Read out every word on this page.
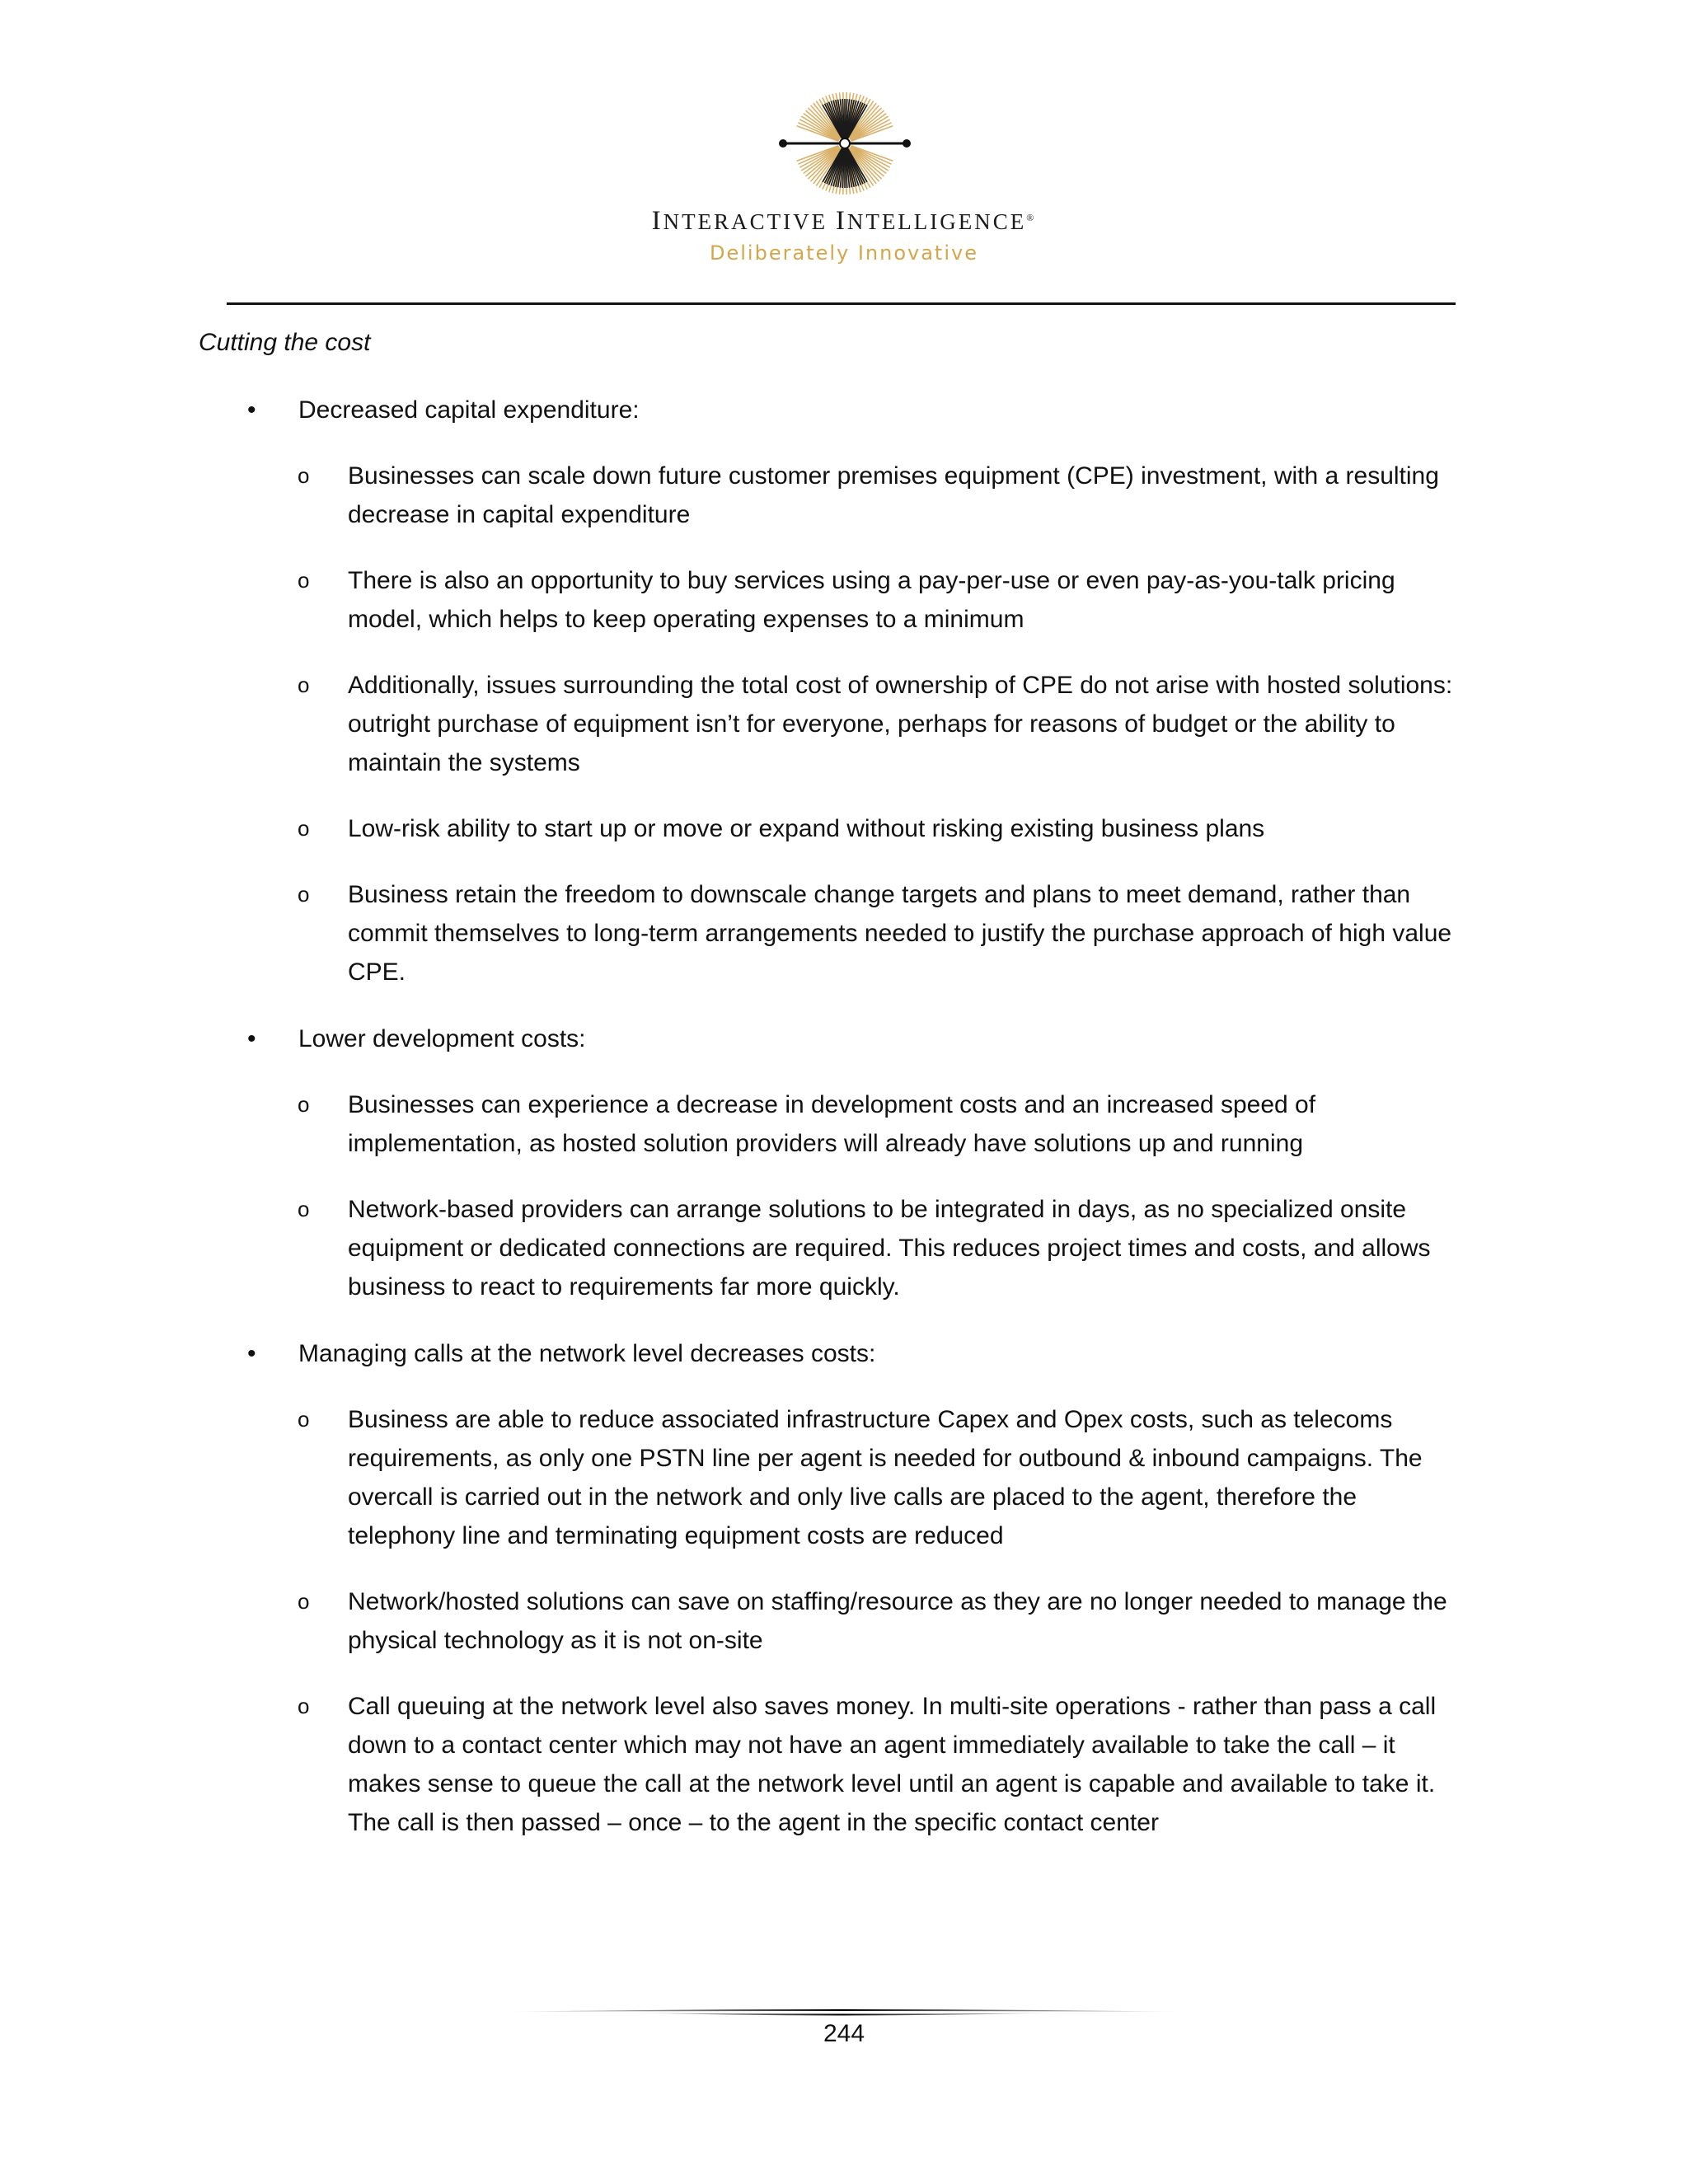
INTERACTIVE INTELLIGENCE®
Deliberately Innovative
Cutting the cost
• Decreased capital expenditure:
o Businesses can scale down future customer premises equipment (CPE) investment, with a resulting
decrease in capital expenditure
o There is also an opportunity to buy services using a pay-per-use or even pay-as-you-talk pricing
model, which helps to keep operating expenses to a minimum
o Additionally, issues surrounding the total cost of ownership of CPE do not arise with hosted solutions:
outright purchase of equipment isn’t for everyone, perhaps for reasons of budget or the ability to
maintain the systems
o Low-risk ability to start up or move or expand without risking existing business plans
o Business retain the freedom to downscale change targets and plans to meet demand, rather than
commit themselves to long-term arrangements needed to justify the purchase approach of high value
CPE.
• Lower development costs:
o Businesses can experience a decrease in development costs and an increased speed of
implementation, as hosted solution providers will already have solutions up and running
o Network-based providers can arrange solutions to be integrated in days, as no specialized onsite
equipment or dedicated connections are required. This reduces project times and costs, and allows
business to react to requirements far more quickly.
• Managing calls at the network level decreases costs:
o Business are able to reduce associated infrastructure Capex and Opex costs, such as telecoms
requirements, as only one PSTN line per agent is needed for outbound & inbound campaigns. The
overcall is carried out in the network and only live calls are placed to the agent, therefore the
telephony line and terminating equipment costs are reduced
o Network/hosted solutions can save on staffing/resource as they are no longer needed to manage the
physical technology as it is not on-site
o Call queuing at the network level also saves money. In multi-site operations - rather than pass a call
down to a contact center which may not have an agent immediately available to take the call – it
makes sense to queue the call at the network level until an agent is capable and available to take it.
The call is then passed – once – to the agent in the specific contact center
244
